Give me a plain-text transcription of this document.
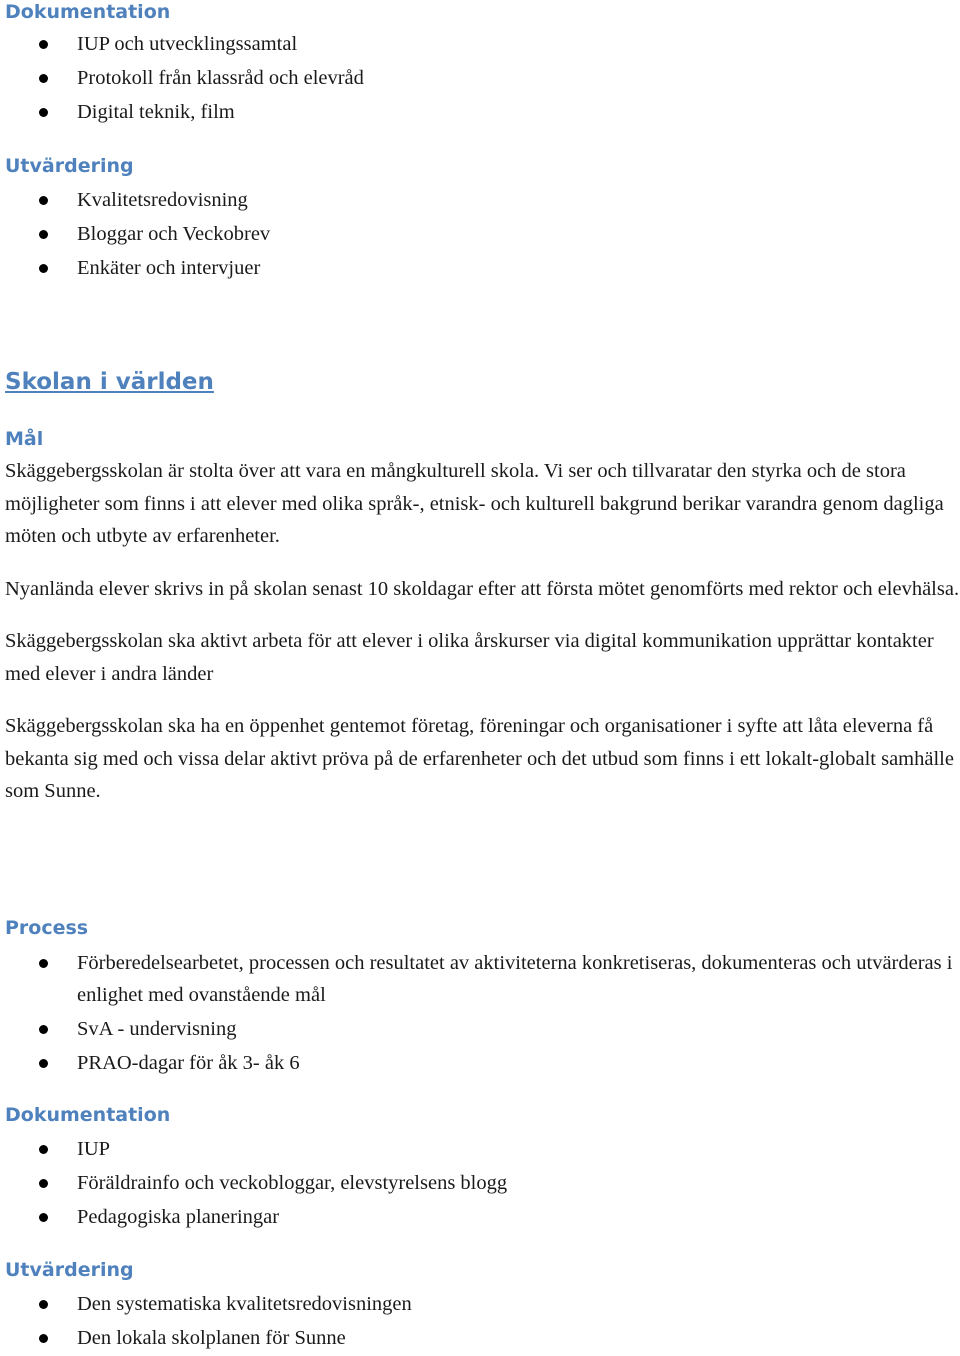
Dokumentation
IUP och utvecklingssamtal
Protokoll från klassråd och elevråd
Digital teknik, film
Utvärdering
Kvalitetsredovisning
Bloggar och Veckobrev
Enkäter och intervjuer
Skolan i världen
Mål

Skäggebergsskolan är stolta över att vara en mångkulturell skola. Vi ser och tillvaratar den styrka och de stora möjligheter som finns i att elever med olika språk-, etnisk- och kulturell bakgrund berikar varandra genom dagliga möten och utbyte av erfarenheter.

Nyanlända elever skrivs in på skolan senast 10 skoldagar efter att första mötet genomförts med rektor och elevhälsa.

Skäggebergsskolan ska aktivt arbeta för att elever i olika årskurser via digital kommunikation upprättar kontakter med elever i andra länder

Skäggebergsskolan ska ha en öppenhet gentemot företag, föreningar och organisationer i syfte att låta eleverna få bekanta sig med och vissa delar aktivt pröva på de erfarenheter och det utbud som finns i ett lokalt-globalt samhälle som Sunne.

Process
Förberedelsearbetet, processen och resultatet av aktiviteterna konkretiseras, dokumenteras och utvärderas i enlighet med ovanstående mål
SvA - undervisning
PRAO-dagar för åk 3- åk 6
Dokumentation
IUP
Föräldrainfo och veckobloggar, elevstyrelsens blogg
Pedagogiska planeringar
Utvärdering
Den systematiska kvalitetsredovisningen
Den lokala skolplanen för Sunne
